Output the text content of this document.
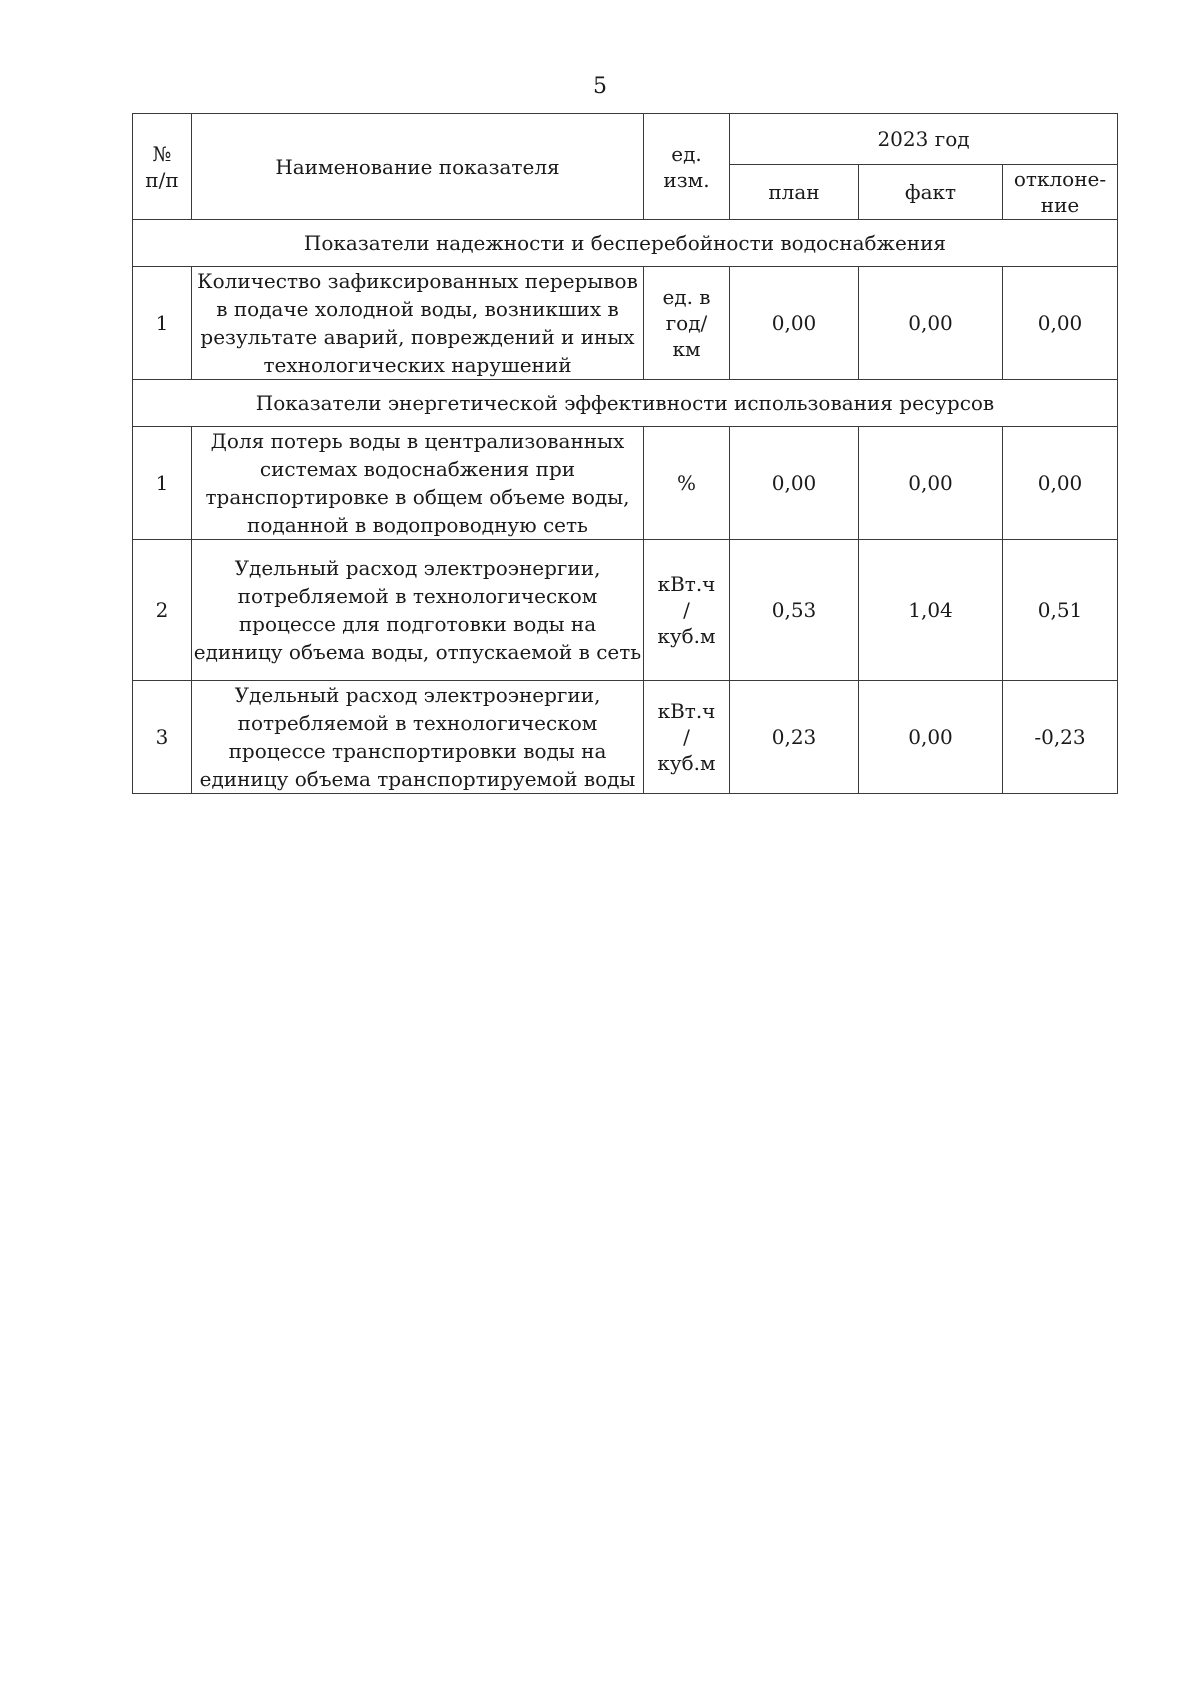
5
№
п/п	Наименование показателя	ед.
изм.	2023 год		
			план	факт	отклоне-
ние

Показатели надежности и бесперебойности водоснабжения					
1	Количество зафиксированных перерывов в подаче холодной воды, возникших в результате аварий, повреждений и иных технологических нарушений	ед. в
год/
км	0,00	0,00	0,00
Показатели энергетической эффективности использования ресурсов					
1	Доля потерь воды в централизованных системах водоснабжения при транспортировке в общем объеме воды, поданной в водопроводную сеть	%	0,00	0,00	0,00
2	Удельный расход электроэнергии, потребляемой в технологическом процессе для подготовки воды на единицу объема воды, отпускаемой в сеть	кВт.ч
/
куб.м	0,53	1,04	0,51
3	Удельный расход электроэнергии, потребляемой в технологическом процессе транспортировки воды на единицу объема транспортируемой воды	кВт.ч
/
куб.м	0,23	0,00	-0,23
